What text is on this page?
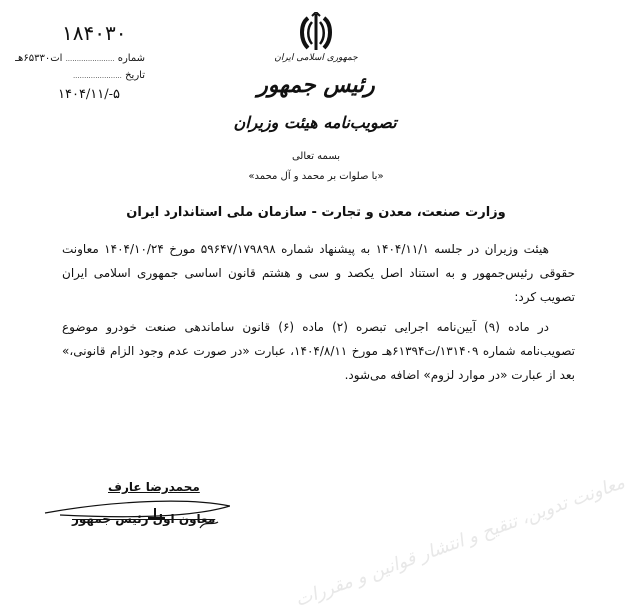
۱۸۴۰۳۰
شماره ...................... ات۶۵۳۳۰هـ
تاریخ ......................
۱۴۰۴/۱۱/-۵
جمهوری اسلامی ایران
رئیس جمهور
تصویب‌نامه هیئت وزیران
بسمه تعالی
«با صلوات بر محمد و آل محمد»
وزارت صنعت، معدن و تجارت - سازمان ملی استاندارد ایران
هیئت وزیران در جلسه ۱۴۰۴/۱۱/۱ به پیشنهاد شماره ۵۹۶۴۷/۱۷۹۸۹۸ مورخ ۱۴۰۴/۱۰/۲۴ معاونت حقوقی رئیس‌جمهور و به استناد اصل یکصد و سی و هشتم قانون اساسی جمهوری اسلامی ایران تصویب کرد:
در ماده (۹) آیین‌نامه اجرایی تبصره (۲) ماده (۶) قانون ساماندهی صنعت خودرو موضوع تصویب‌نامه شماره ۱۳۱۴۰۹/ت۶۱۳۹۴هـ مورخ ۱۴۰۴/۸/۱۱، عبارت «در صورت عدم وجود الزام قانونی،» بعد از عبارت «در موارد لزوم» اضافه می‌شود.
معاونت تدوین، تنقیح و انتشار قوانین و مقررات
محمدرضا عارف
معاون اول رئیس جمهور
